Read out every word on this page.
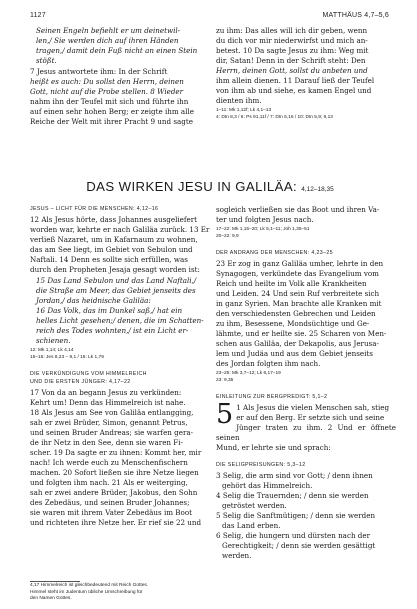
1127	MATTHÄUS 4,7–5,6
Seinen Engeln befiehlt er um deinetwil-
len,/ Sie werden dich auf ihren Händen
tragen,/ damit dein Fuß nicht an einen Stein
stößt.
7 Jesus antwortete ihm: In der Schrift
heißt es auch: Du sollst den Herrn, deinen
Gott, nicht auf die Probe stellen. 8 Wieder
nahm ihn der Teufel mit sich und führte ihn
auf einen sehr hohen Berg; er zeigte ihm alle
Reiche der Welt mit ihrer Pracht 9 und sagte
zu ihm: Das alles will ich dir geben, wenn
du dich vor mir niederwirfst und mich an-
betest. 10 Da sagte Jesus zu ihm: Weg mit
dir, Satan! Denn in der Schrift steht: Den
Herrn, deinen Gott, sollst du anbeten und
ihm allein dienen. 11 Darauf ließ der Teufel
von ihm ab und siehe, es kamen Engel und
dienten ihm.
1–11: Mk 1,12f; Lk 4,1–13
4: Dtn 8,3 / 6: Ps 91,11f / 7: Dtn 6,16 / 10: Dtn 5,9; 6,13
DAS WIRKEN JESU IN GALILÄA: 4,12–18,35
JESUS – LICHT FÜR DIE MENSCHEN: 4,12–16
12 Als Jesus hörte, dass Johannes ausgeliefert
worden war, kehrte er nach Galiläa zurück. 13 Er
verließ Nazaret, um in Kafarnaum zu wohnen,
das am See liegt, im Gebiet von Sebulon und
Naftali. 14 Denn es sollte sich erfüllen, was
durch den Propheten Jesaja gesagt worden ist:
15 Das Land Sebulon und das Land Naftali,/
die Straße am Meer, das Gebiet jenseits des
Jordan,/ das heidnische Galiläa:
16 Das Volk, das im Dunkel saß,/ hat ein
helles Licht gesehen;/ denen, die im Schatten-
reich des Todes wohnten,/ ist ein Licht er-
schienen.
12: Mk 1,14; Lk 4,14
15–16: Jes 8,23 – 9,1 / 16: Lk 1,79
DIE VERKÜNDIGUNG VOM HIMMELREICH
UND DIE ERSTEN JÜNGER: 4,17–22
17 Von da an begann Jesus zu verkünden:
Kehrt um! Denn das Himmelreich ist nahe.
18 Als Jesus am See von Galiläa entlangging,
sah er zwei Brüder, Simon, genannt Petrus,
und seinen Bruder Andreas; sie warfen gera-
de ihr Netz in den See, denn sie waren Fi-
scher. 19 Da sagte er zu ihnen: Kommt her, mir
nach! Ich werde euch zu Menschenfischern
machen. 20 Sofort ließen sie ihre Netze liegen
und folgten ihm nach. 21 Als er weiterging,
sah er zwei andere Brüder, Jakobus, den Sohn
des Zebedäus, und seinen Bruder Johannes;
sie waren mit ihrem Vater Zebedäus im Boot
und richteten ihre Netze her. Er rief sie 22 und
sogleich verließen sie das Boot und ihren Va-
ter und folgten Jesus nach.
17–22: Mk 1,15–20; Lk 5,1–11; Joh 1,35–51
20–22: 9,9
DER ANDRANG DER MENSCHEN: 4,23–25
23 Er zog in ganz Galiläa umher, lehrte in den
Synagogen, verkündete das Evangelium vom
Reich und heilte im Volk alle Krankheiten
und Leiden. 24 Und sein Ruf verbreitete sich
in ganz Syrien. Man brachte alle Kranken mit
den verschiedensten Gebrechen und Leiden
zu ihm, Besessene, Mondsüchtige und Ge-
lähmte, und er heilte sie. 25 Scharen von Men-
schen aus Galiläa, der Dekapolis, aus Jerusa-
lem und Judäa und aus dem Gebiet jenseits
des Jordan folgten ihm nach.
23–25: Mk 3,7–12; Lk 6,17–19
23: 9,35
EINLEITUNG ZUR BERGPREDIGT: 5,1–2
5 1 Als Jesus die vielen Menschen sah, stieg
er auf den Berg. Er setzte sich und seine
Jünger traten zu ihm. 2 Und er öffnete seinen
Mund, er lehrte sie und sprach:
DIE SELIGPREISUNGEN: 5,3–12
3 Selig, die arm sind vor Gott; / denn ihnen
gehört das Himmelreich.
4 Selig die Trauernden; / denn sie werden
getröstet werden.
5 Selig die Sanftmütigen; / denn sie werden
das Land erben.
6 Selig, die hungern und dürsten nach der
Gerechtigkeit; / denn sie werden gesättigt
werden.
4,17 Himmelreich ist gleichbedeutend mit Reich Gottes.
Himmel steht im Judentum übliche Umschreibung für
den Namen Gottes.
